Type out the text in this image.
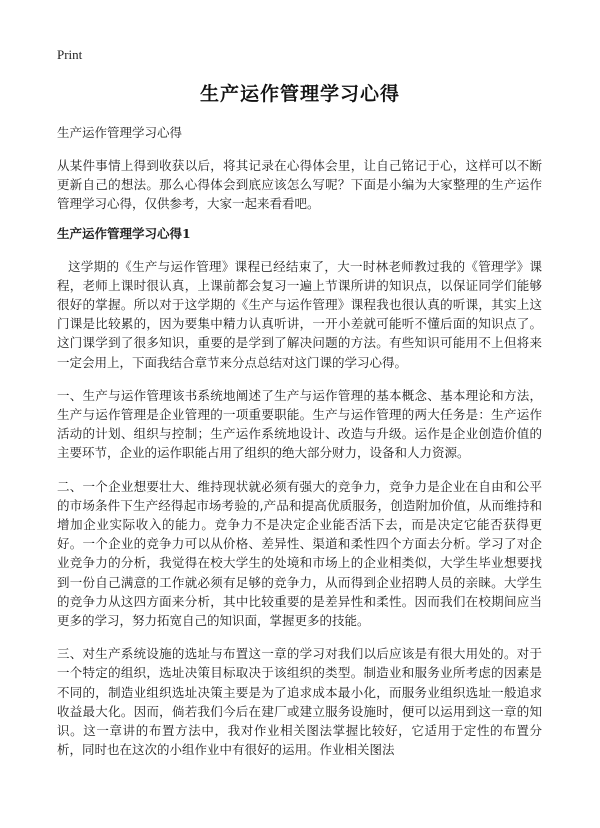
Print
生产运作管理学习心得

生产运作管理学习心得

从某件事情上得到收获以后，将其记录在心得体会里，让自己铭记于心，这样可以不断更新自己的想法。那么心得体会到底应该怎么写呢？下面是小编为大家整理的生产运作管理学习心得，仅供参考，大家一起来看看吧。

生产运作管理学习心得1

这学期的《生产与运作管理》课程已经结束了，大一时林老师教过我的《管理学》课程，老师上课时很认真，上课前都会复习一遍上节课所讲的知识点，以保证同学们能够很好的掌握。所以对于这学期的《生产与运作管理》课程我也很认真的听课，其实上这门课是比较累的，因为要集中精力认真听讲，一开小差就可能听不懂后面的知识点了。这门课学到了很多知识，重要的是学到了解决问题的方法。有些知识可能用不上但将来一定会用上，下面我结合章节来分点总结对这门课的学习心得。

一、生产与运作管理该书系统地阐述了生产与运作管理的基本概念、基本理论和方法，生产与运作管理是企业管理的一项重要职能。生产与运作管理的两大任务是：生产运作活动的计划、组织与控制；生产运作系统地设计、改造与升级。运作是企业创造价值的主要环节，企业的运作职能占用了组织的绝大部分财力，设备和人力资源。

二、一个企业想要壮大、维持现状就必须有强大的竞争力，竞争力是企业在自由和公平的市场条件下生产经得起市场考验的,产品和提高优质服务，创造附加价值，从而维持和增加企业实际收入的能力。竞争力不是决定企业能否活下去，而是决定它能否获得更好。一个企业的竞争力可以从价格、差异性、渠道和柔性四个方面去分析。学习了对企业竞争力的分析，我觉得在校大学生的处境和市场上的企业相类似，大学生毕业想要找到一份自己满意的工作就必须有足够的竞争力，从而得到企业招聘人员的亲睐。大学生的竞争力从这四方面来分析，其中比较重要的是差异性和柔性。因而我们在校期间应当更多的学习，努力拓宽自己的知识面，掌握更多的技能。

三、对生产系统设施的选址与布置这一章的学习对我们以后应该是有很大用处的。对于一个特定的组织，选址决策目标取决于该组织的类型。制造业和服务业所考虑的因素是不同的，制造业组织选址决策主要是为了追求成本最小化，而服务业组织选址一般追求收益最大化。因而，倘若我们今后在建厂或建立服务设施时，便可以运用到这一章的知识。这一章讲的布置方法中，我对作业相关图法掌握比较好，它适用于定性的布置分析，同时也在这次的小组作业中有很好的运用。作业相关图法
